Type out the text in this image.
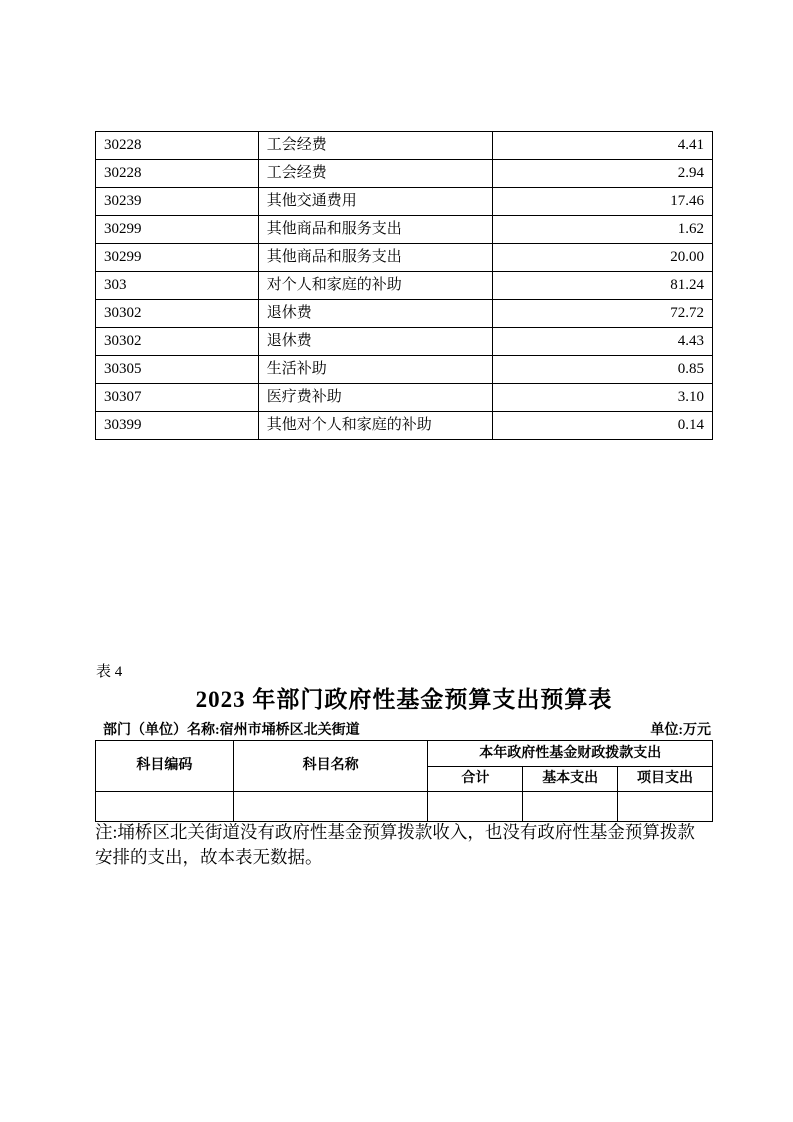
30228	工会经费	4.41
30228	工会经费	2.94
30239	其他交通费用	17.46
30299	其他商品和服务支出	1.62
30299	其他商品和服务支出	20.00
303	对个人和家庭的补助	81.24
30302	退休费	72.72
30302	退休费	4.43
30305	生活补助	0.85
30307	医疗费补助	3.10
30399	其他对个人和家庭的补助	0.14
表 4
2023 年部门政府性基金预算支出预算表
部门（单位）名称:宿州市埇桥区北关街道	单位:万元
科目编码	科目名称	本年政府性基金财政拨款支出		
		合计	基本支出	项目支出

注:埇桥区北关街道没有政府性基金预算拨款收入，也没有政府性基金预算拨款安排的支出，故本表无数据。
